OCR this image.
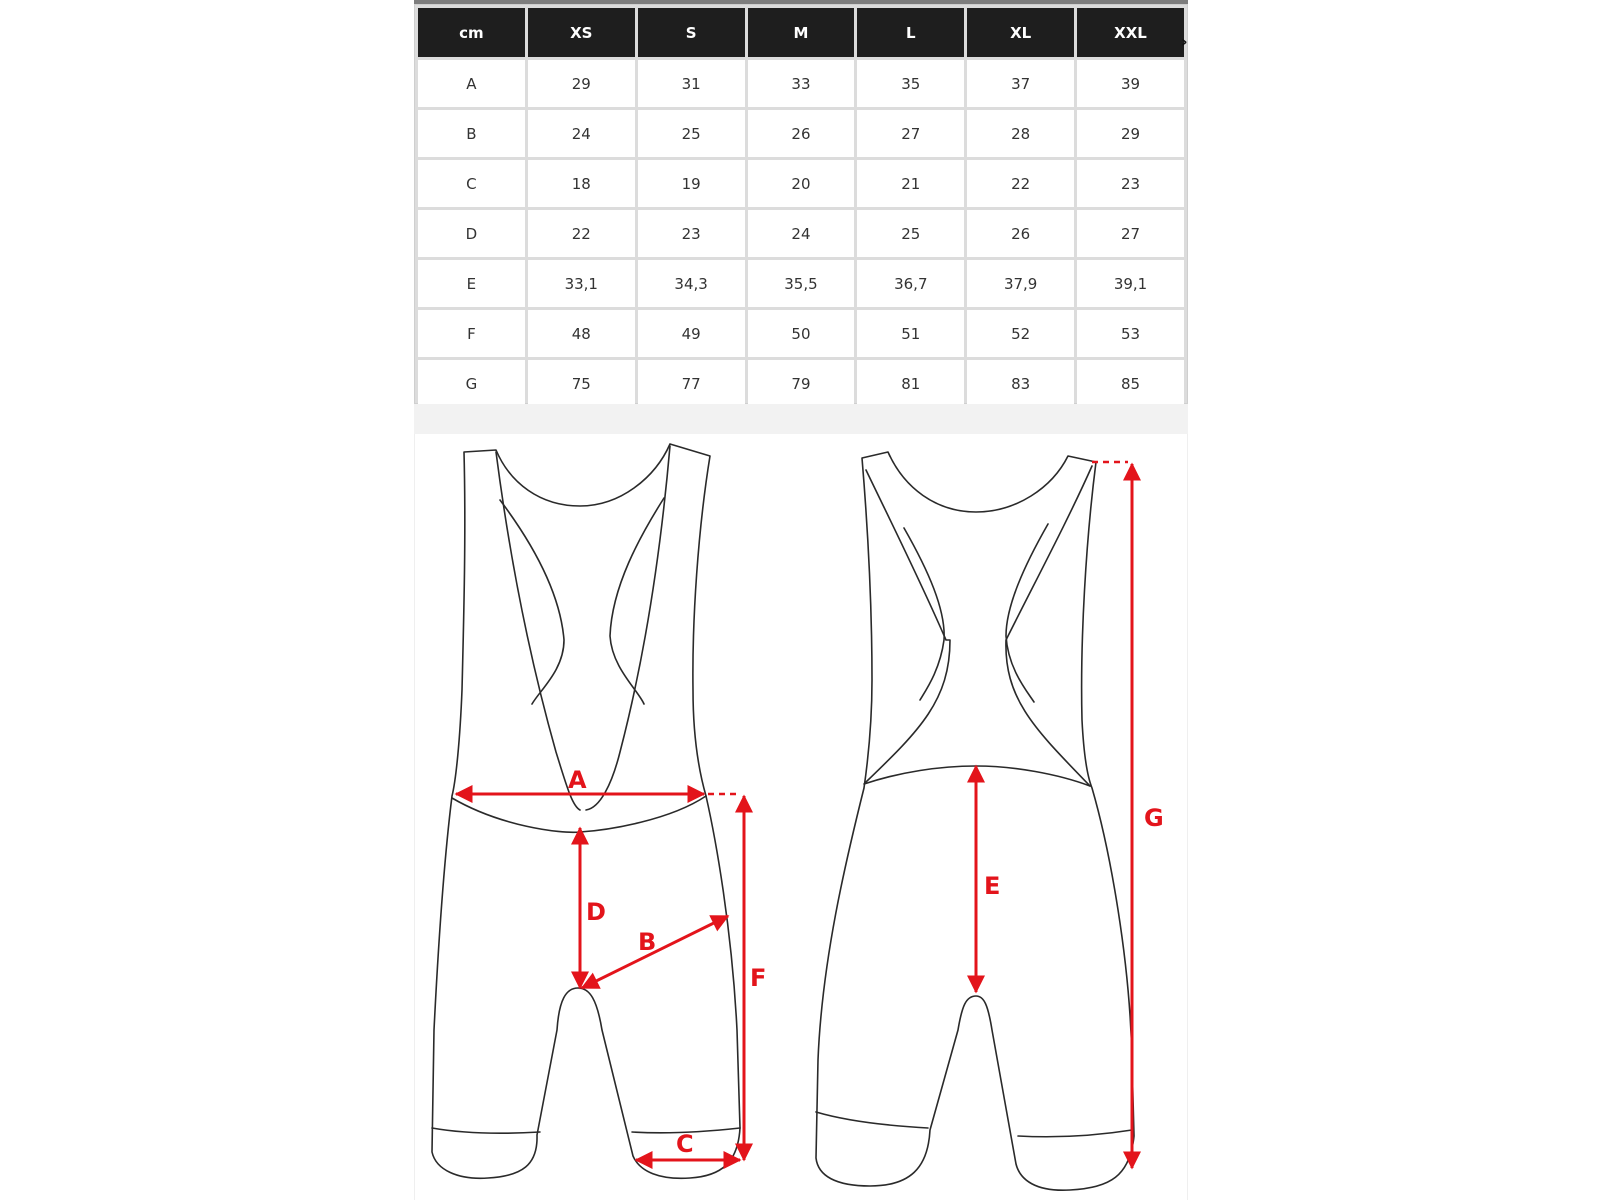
cm	XS	S	M	L	XL	XXL
A	29	31	33	35	37	39
B	24	25	26	27	28	29
C	18	19	20	21	22	23
D	22	23	24	25	26	27
E	33,1	34,3	35,5	36,7	37,9	39,1
F	48	49	50	51	52	53
G	75	77	79	81	83	85
›
A
B
C
D
E
F
G
